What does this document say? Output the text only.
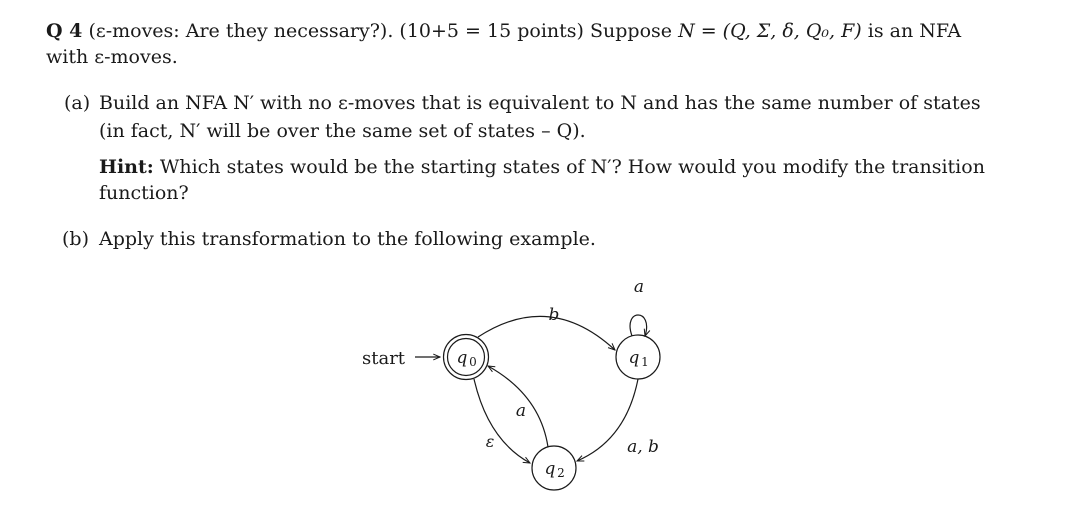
Q 4 (ε-moves: Are they necessary?). (10+5 = 15 points) Suppose N = (Q, Σ, δ, Q₀, F) is an NFA
with ε-moves.
(a) Build an NFA N′ with no ε-moves that is equivalent to N and has the same number of states
(in fact, N′ will be over the same set of states – Q).
Hint: Which states would be the starting states of N′? How would you modify the transition
function?
(b) Apply this transformation to the following example.
start	q 0	q 1
q 2
b
a
a
ε	a, b
